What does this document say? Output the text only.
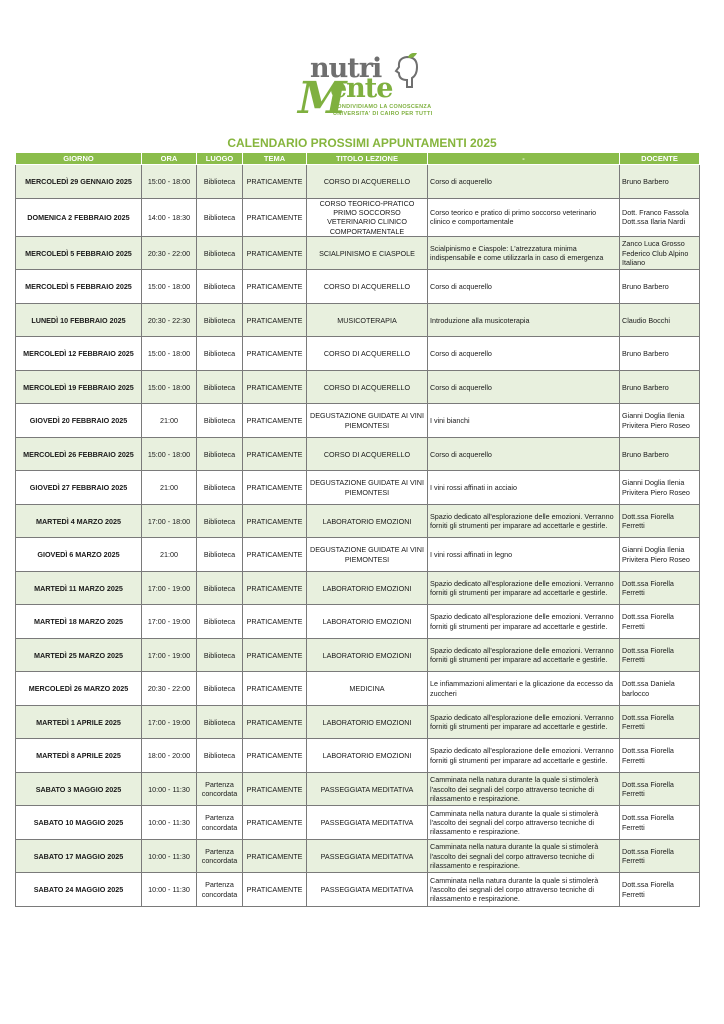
nutri
M
ente
CONDIVIDIAMO LA CONOSCENZA
UNIVERSITA' DI CAIRO PER TUTTI
CALENDARIO PROSSIMI APPUNTAMENTI 2025
GIORNO	ORA	LUOGO	TEMA	TITOLO LEZIONE	-	DOCENTE
MERCOLEDÌ 29 GENNAIO 2025	15:00 - 18:00	Biblioteca	PRATICAMENTE	CORSO DI ACQUERELLO	Corso di acquerello	Bruno Barbero
DOMENICA 2 FEBBRAIO 2025	14:00 - 18:30	Biblioteca	PRATICAMENTE	CORSO TEORICO-PRATICO PRIMO SOCCORSO VETERINARIO CLINICO COMPORTAMENTALE	Corso teorico e pratico di primo soccorso veterinario clinico e comportamentale	Dott. Franco Fassola Dott.ssa Ilaria Nardi
MERCOLEDÌ 5 FEBBRAIO 2025	20:30 - 22:00	Biblioteca	PRATICAMENTE	SCIALPINISMO E CIASPOLE	Scialpinismo e Ciaspole: L'atrezzatura minima indispensabile e come utilizzarla in caso di emergenza	Zanco Luca Grosso Federico Club Alpino Italiano
MERCOLEDÌ 5 FEBBRAIO 2025	15:00 - 18:00	Biblioteca	PRATICAMENTE	CORSO DI ACQUERELLO	Corso di acquerello	Bruno Barbero
LUNEDÌ 10 FEBBRAIO 2025	20:30 - 22:30	Biblioteca	PRATICAMENTE	MUSICOTERAPIA	Introduzione alla musicoterapia	Claudio Bocchi
MERCOLEDÌ 12 FEBBRAIO 2025	15:00 - 18:00	Biblioteca	PRATICAMENTE	CORSO DI ACQUERELLO	Corso di acquerello	Bruno Barbero
MERCOLEDÌ 19 FEBBRAIO 2025	15:00 - 18:00	Biblioteca	PRATICAMENTE	CORSO DI ACQUERELLO	Corso di acquerello	Bruno Barbero
GIOVEDÌ 20 FEBBRAIO 2025	21:00	Biblioteca	PRATICAMENTE	DEGUSTAZIONE GUIDATE AI VINI PIEMONTESI	I vini bianchi	Gianni Doglia Ilenia Privitera Piero Roseo
MERCOLEDÌ 26 FEBBRAIO 2025	15:00 - 18:00	Biblioteca	PRATICAMENTE	CORSO DI ACQUERELLO	Corso di acquerello	Bruno Barbero
GIOVEDÌ 27 FEBBRAIO 2025	21:00	Biblioteca	PRATICAMENTE	DEGUSTAZIONE GUIDATE AI VINI PIEMONTESI	I vini rossi affinati in acciaio	Gianni Doglia Ilenia Privitera Piero Roseo
MARTEDÌ 4 MARZO 2025	17:00 - 18:00	Biblioteca	PRATICAMENTE	LABORATORIO EMOZIONI	Spazio dedicato all'esplorazione delle emozioni. Verranno forniti gli strumenti per imparare ad accettarle e gestirle.	Dott.ssa Fiorella Ferretti
GIOVEDÌ 6 MARZO 2025	21:00	Biblioteca	PRATICAMENTE	DEGUSTAZIONE GUIDATE AI VINI PIEMONTESI	I vini rossi affinati in legno	Gianni Doglia Ilenia Privitera Piero Roseo
MARTEDÌ 11 MARZO 2025	17:00 - 19:00	Biblioteca	PRATICAMENTE	LABORATORIO EMOZIONI	Spazio dedicato all'esplorazione delle emozioni. Verranno forniti gli strumenti per imparare ad accettarle e gestirle.	Dott.ssa Fiorella Ferretti
MARTEDÌ 18 MARZO 2025	17:00 - 19:00	Biblioteca	PRATICAMENTE	LABORATORIO EMOZIONI	Spazio dedicato all'esplorazione delle emozioni. Verranno forniti gli strumenti per imparare ad accettarle e gestirle.	Dott.ssa Fiorella Ferretti
MARTEDÌ 25 MARZO 2025	17:00 - 19:00	Biblioteca	PRATICAMENTE	LABORATORIO EMOZIONI	Spazio dedicato all'esplorazione delle emozioni. Verranno forniti gli strumenti per imparare ad accettarle e gestirle.	Dott.ssa Fiorella Ferretti
MERCOLEDÌ 26 MARZO 2025	20:30 - 22:00	Biblioteca	PRATICAMENTE	MEDICINA	Le infiammazioni alimentari e la glicazione da eccesso da zuccheri	Dott.ssa Daniela barlocco
MARTEDÌ 1 APRILE 2025	17:00 - 19:00	Biblioteca	PRATICAMENTE	LABORATORIO EMOZIONI	Spazio dedicato all'esplorazione delle emozioni. Verranno forniti gli strumenti per imparare ad accettarle e gestirle.	Dott.ssa Fiorella Ferretti
MARTEDÌ 8 APRILE 2025	18:00 - 20:00	Biblioteca	PRATICAMENTE	LABORATORIO EMOZIONI	Spazio dedicato all'esplorazione delle emozioni. Verranno forniti gli strumenti per imparare ad accettarle e gestirle.	Dott.ssa Fiorella Ferretti
SABATO 3 MAGGIO 2025	10:00 - 11:30	Partenza concordata	PRATICAMENTE	PASSEGGIATA MEDITATIVA	Camminata nella natura durante la quale si stimolerà l'ascolto dei segnali del corpo attraverso tecniche di rilassamento e respirazione.	Dott.ssa Fiorella Ferretti
SABATO 10 MAGGIO 2025	10:00 - 11:30	Partenza concordata	PRATICAMENTE	PASSEGGIATA MEDITATIVA	Camminata nella natura durante la quale si stimolerà l'ascolto dei segnali del corpo attraverso tecniche di rilassamento e respirazione.	Dott.ssa Fiorella Ferretti
SABATO 17 MAGGIO 2025	10:00 - 11:30	Partenza concordata	PRATICAMENTE	PASSEGGIATA MEDITATIVA	Camminata nella natura durante la quale si stimolerà l'ascolto dei segnali del corpo attraverso tecniche di rilassamento e respirazione.	Dott.ssa Fiorella Ferretti
SABATO 24 MAGGIO 2025	10:00 - 11:30	Partenza concordata	PRATICAMENTE	PASSEGGIATA MEDITATIVA	Camminata nella natura durante la quale si stimolerà l'ascolto dei segnali del corpo attraverso tecniche di rilassamento e respirazione.	Dott.ssa Fiorella Ferretti
